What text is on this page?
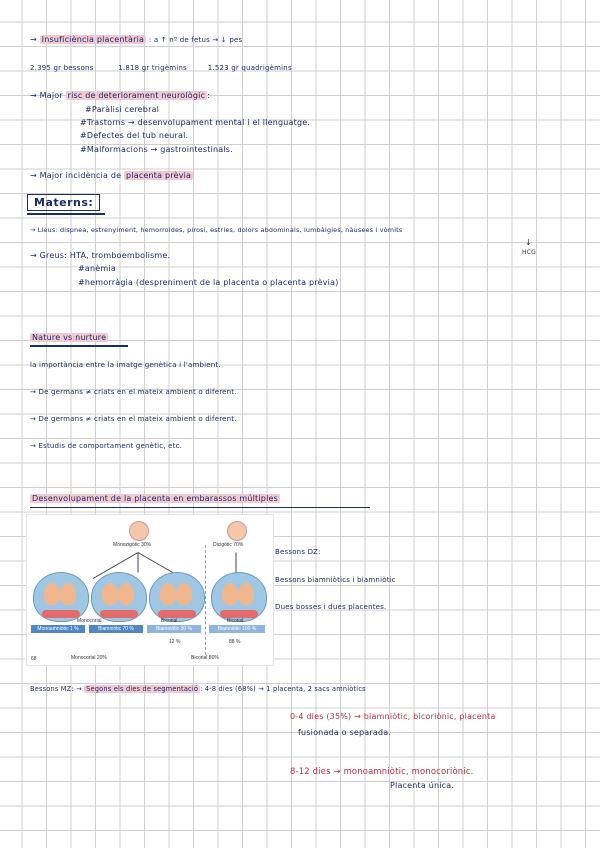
→ Insuficiència placentària : a ↑ nº de fetus → ↓ pes
2.395 gr bessons	1.818 gr trigèmins	1.523 gr quadrigèmins
→ Major risc de deteriorament neurològic :
#Paràlisi cerebral
#Trastorns → desenvolupament mental i el llenguatge.
#Defectes del tub neural.
#Malformacions → gastrointestinals.
→ Major incidència de placenta prèvia
Materns:
→ Lleus: dispnea, estrenyiment, hemorroides, pirosi, estries, dolors abdominals, lumbàlgies, nàusees i vòmits
HCG
↓
→ Greus: HTA, tromboembolisme.
#anèmia
#hemorràgia (despreniment de la placenta o placenta prèvia)
Nature vs nurture
la importància entre la imatge genètica i l'ambient.
→ De germans ≠ criats en el mateix ambient o diferent.
→ De germans ≠ criats en el mateix ambient o diferent.
→ Estudis de comportament genètic, etc.
Desenvolupament de la placenta en embarassos múltiples
Monozigòtic 30%	Dicigòtic 70%
Monocorial	Bicorial	Bicorial
Monoamniòtic 1 %	Biamniòtic 70 %	Biamniòtic 30 %	Biamniòtic 100 %
12 %	88 %
Monocorial 20%	Bicorial 80%
68
Bessons DZ:
Bessons biamniòtics i biamniòtic
Dues bosses i dues placentes.
Bessons MZ: → Segons els dies de segmentació : 4-8 dies (68%) → 1 placenta, 2 sacs amniòtics
0-4 dies (35%) → biamniòtic, bicoriònic, placenta
fusionada o separada.
8-12 dies → monoamniòtic, monocoriònic.
Placenta única.
